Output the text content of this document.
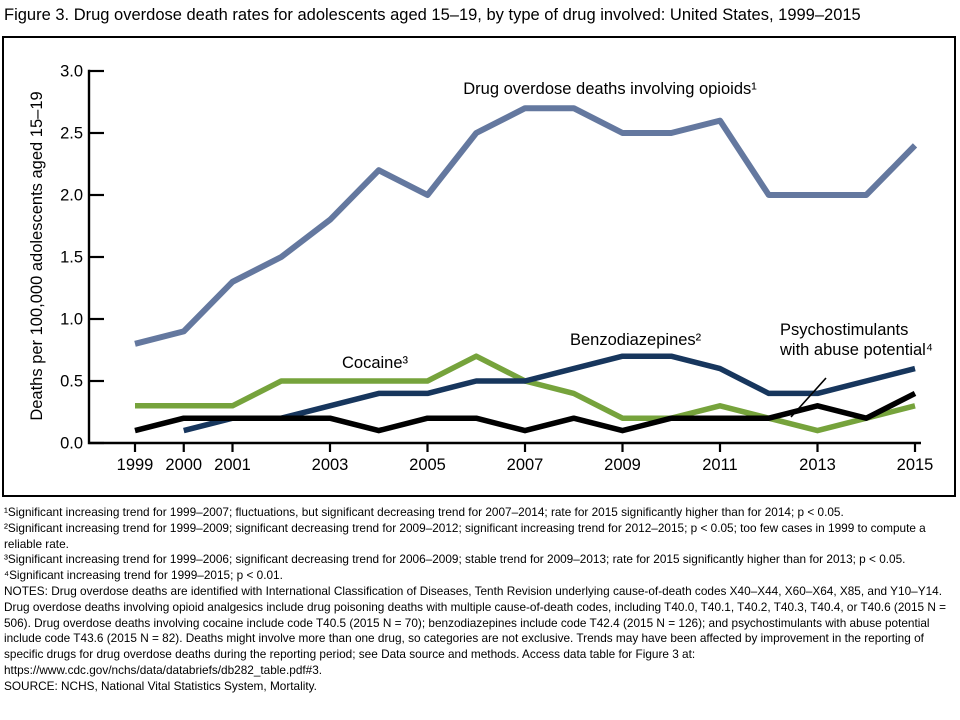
Figure 3. Drug overdose death rates for adolescents aged 15–19, by type of drug involved: United States, 1999–2015
0.0
0.5
1.0
1.5
2.0
2.5
3.0
1999 2000 2001	2003	2005	2007	2009	2011	2013	2015
Deaths per 100,000 adolescents aged 15–19
Drug overdose deaths involving opioids¹
Cocaine³
Benzodiazepines²
Psychostimulants with abuse potential⁴
¹Significant increasing trend for 1999–2007; fluctuations, but significant decreasing trend for 2007–2014; rate for 2015 significantly higher than for 2014; p < 0.05.
²Significant increasing trend for 1999–2009; significant decreasing trend for 2009–2012; significant increasing trend for 2012–2015; p < 0.05; too few cases in 1999 to compute a reliable rate.
³Significant increasing trend for 1999–2006; significant decreasing trend for 2006–2009; stable trend for 2009–2013; rate for 2015 significantly higher than for 2013; p < 0.05.
⁴Significant increasing trend for 1999–2015; p < 0.01.
NOTES: Drug overdose deaths are identified with International Classification of Diseases, Tenth Revision underlying cause-of-death codes X40–X44, X60–X64, X85, and Y10–Y14. Drug overdose deaths involving opioid analgesics include drug poisoning deaths with multiple cause-of-death codes, including T40.0, T40.1, T40.2, T40.3, T40.4, or T40.6 (2015 N = 506). Drug overdose deaths involving cocaine include code T40.5 (2015 N = 70); benzodiazepines include code T42.4 (2015 N = 126); and psychostimulants with abuse potential include code T43.6 (2015 N = 82). Deaths might involve more than one drug, so categories are not exclusive. Trends may have been affected by improvement in the reporting of specific drugs for drug overdose deaths during the reporting period; see Data source and methods. Access data table for Figure 3 at: https://www.cdc.gov/nchs/data/databriefs/db282_table.pdf#3.
SOURCE: NCHS, National Vital Statistics System, Mortality.
